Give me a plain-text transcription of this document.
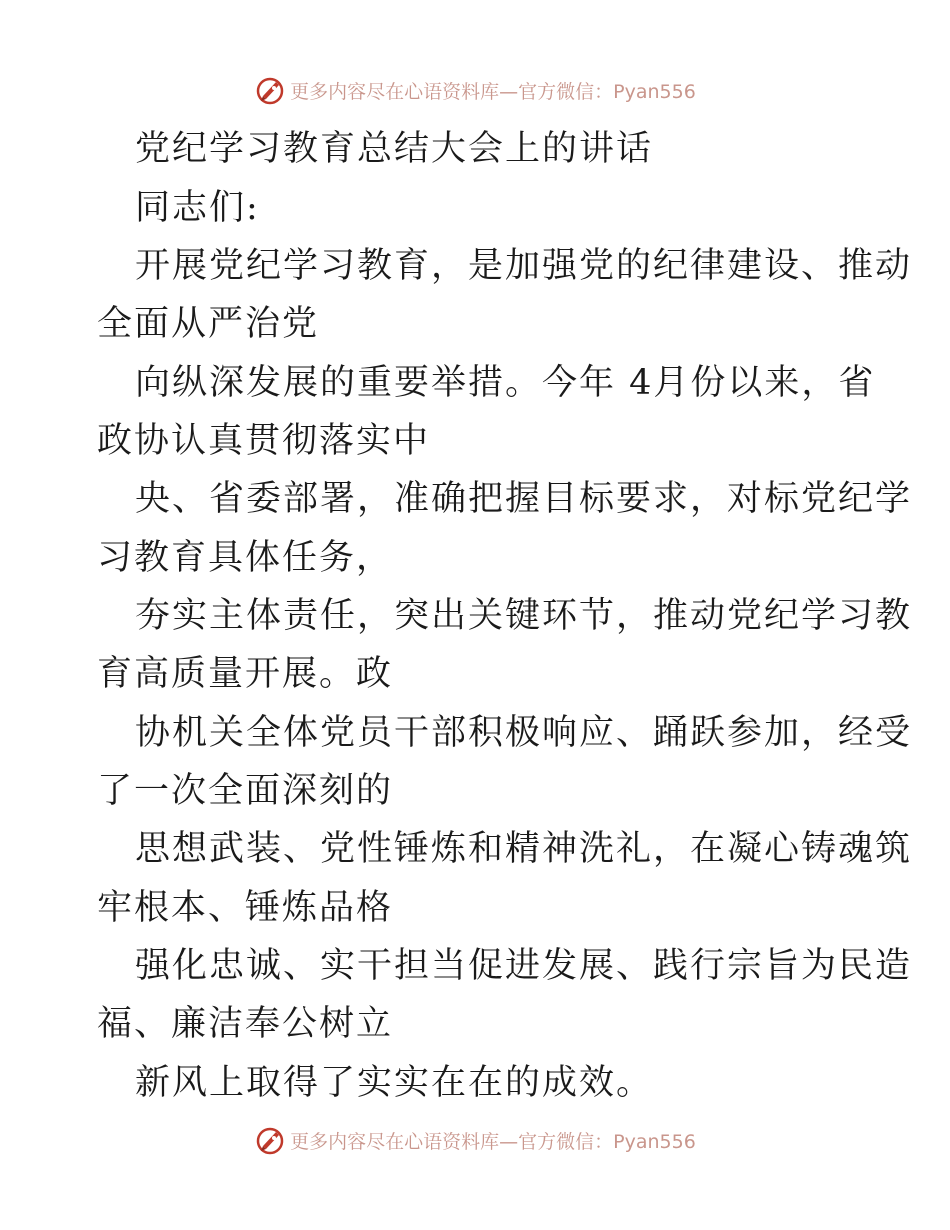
更多内容尽在心语资料库—官方微信：Pyan556
党纪学习教育总结大会上的讲话
同志们:
开展党纪学习教育，是加强党的纪律建设、推动
全面从严治党
向纵深发展的重要举措。今年 4月份以来，省
政协认真贯彻落实中
央、省委部署，准确把握目标要求，对标党纪学
习教育具体任务，
夯实主体责任，突出关键环节，推动党纪学习教
育高质量开展。政
协机关全体党员干部积极响应、踊跃参加，经受
了一次全面深刻的
思想武装、党性锤炼和精神洗礼，在凝心铸魂筑
牢根本、锤炼品格
强化忠诚、实干担当促进发展、践行宗旨为民造
福、廉洁奉公树立
新风上取得了实实在在的成效。
更多内容尽在心语资料库—官方微信：Pyan556
